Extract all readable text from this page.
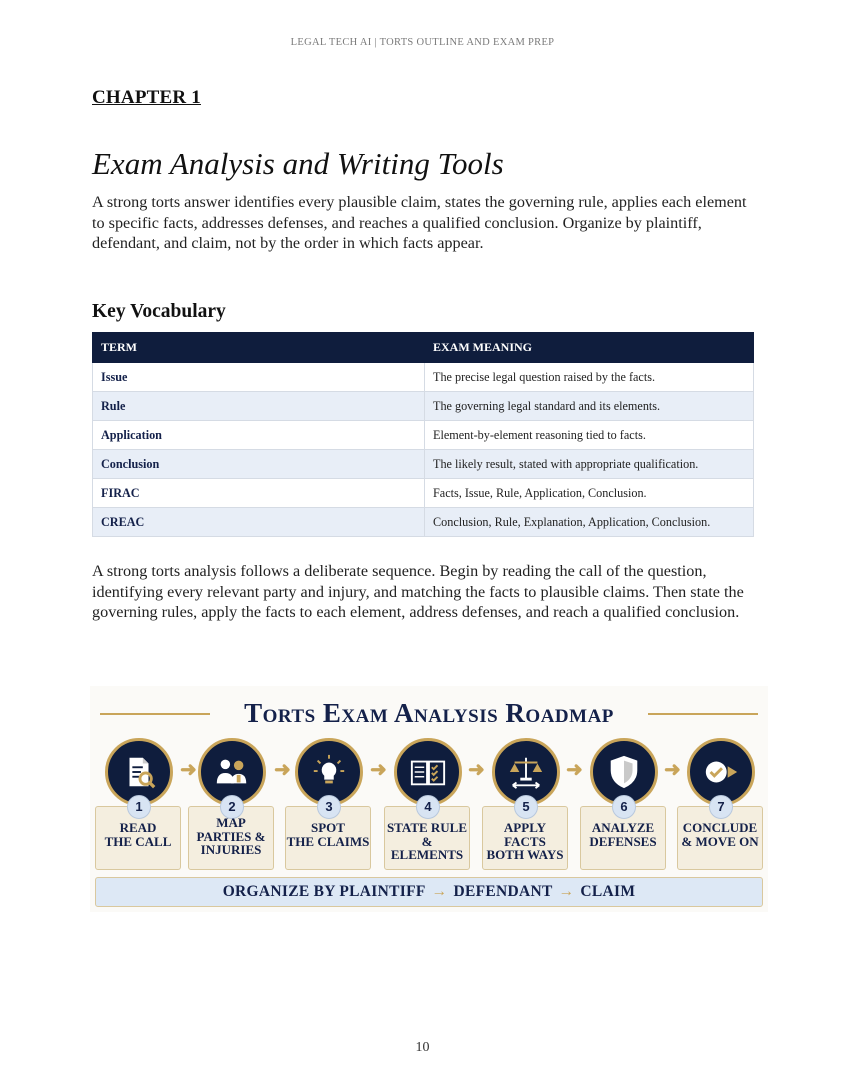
LEGAL TECH AI | TORTS OUTLINE AND EXAM PREP
CHAPTER 1
Exam Analysis and Writing Tools
A strong torts answer identifies every plausible claim, states the governing rule, applies each element to specific facts, addresses defenses, and reaches a qualified conclusion. Organize by plaintiff, defendant, and claim, not by the order in which facts appear.
Key Vocabulary
TERM	EXAM MEANING
Issue	The precise legal question raised by the facts.
Rule	The governing legal standard and its elements.
Application	Element-by-element reasoning tied to facts.
Conclusion	The likely result, stated with appropriate qualification.
FIRAC	Facts, Issue, Rule, Application, Conclusion.
CREAC	Conclusion, Rule, Explanation, Application, Conclusion.
A strong torts analysis follows a deliberate sequence. Begin by reading the call of the question, identifying every relevant party and injury, and matching the facts to plausible claims. Then state the governing rules, apply the facts to each element, address defenses, and reach a qualified conclusion.
Torts Exam Analysis Roadmap
1
READ
THE CALL
➜
2
MAP
PARTIES &
INJURIES
➜
3
SPOT
THE CLAIMS
➜
4
STATE RULE
& ELEMENTS
➜
5
APPLY FACTS
BOTH WAYS
➜
6
ANALYZE
DEFENSES
➜
7
CONCLUDE
& MOVE ON
ORGANIZE BY PLAINTIFF → DEFENDANT → CLAIM
10
